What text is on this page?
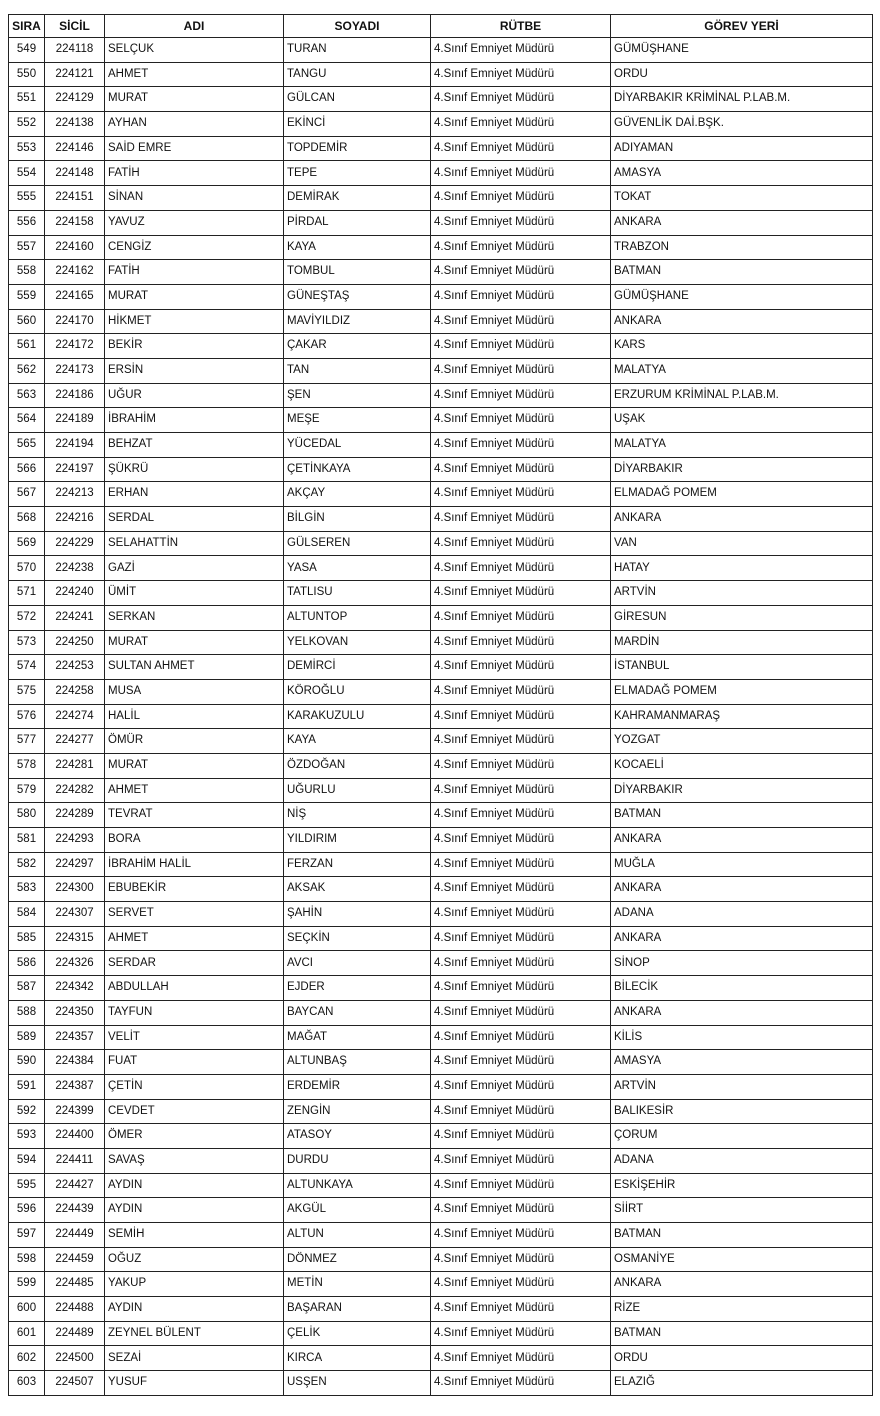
SIRA	SİCİL	ADI	SOYADI	RÜTBE	GÖREV YERİ
549	224118	SELÇUK	TURAN	4.Sınıf Emniyet Müdürü	GÜMÜŞHANE
550	224121	AHMET	TANGU	4.Sınıf Emniyet Müdürü	ORDU
551	224129	MURAT	GÜLCAN	4.Sınıf Emniyet Müdürü	DİYARBAKIR KRİMİNAL P.LAB.M.
552	224138	AYHAN	EKİNCİ	4.Sınıf Emniyet Müdürü	GÜVENLİK DAİ.BŞK.
553	224146	SAİD EMRE	TOPDEMİR	4.Sınıf Emniyet Müdürü	ADIYAMAN
554	224148	FATİH	TEPE	4.Sınıf Emniyet Müdürü	AMASYA
555	224151	SİNAN	DEMİRAK	4.Sınıf Emniyet Müdürü	TOKAT
556	224158	YAVUZ	PİRDAL	4.Sınıf Emniyet Müdürü	ANKARA
557	224160	CENGİZ	KAYA	4.Sınıf Emniyet Müdürü	TRABZON
558	224162	FATİH	TOMBUL	4.Sınıf Emniyet Müdürü	BATMAN
559	224165	MURAT	GÜNEŞTAŞ	4.Sınıf Emniyet Müdürü	GÜMÜŞHANE
560	224170	HİKMET	MAVİYILDIZ	4.Sınıf Emniyet Müdürü	ANKARA
561	224172	BEKİR	ÇAKAR	4.Sınıf Emniyet Müdürü	KARS
562	224173	ERSİN	TAN	4.Sınıf Emniyet Müdürü	MALATYA
563	224186	UĞUR	ŞEN	4.Sınıf Emniyet Müdürü	ERZURUM KRİMİNAL P.LAB.M.
564	224189	İBRAHİM	MEŞE	4.Sınıf Emniyet Müdürü	UŞAK
565	224194	BEHZAT	YÜCEDAL	4.Sınıf Emniyet Müdürü	MALATYA
566	224197	ŞÜKRÜ	ÇETİNKAYA	4.Sınıf Emniyet Müdürü	DİYARBAKIR
567	224213	ERHAN	AKÇAY	4.Sınıf Emniyet Müdürü	ELMADAĞ POMEM
568	224216	SERDAL	BİLGİN	4.Sınıf Emniyet Müdürü	ANKARA
569	224229	SELAHATTİN	GÜLSEREN	4.Sınıf Emniyet Müdürü	VAN
570	224238	GAZİ	YASA	4.Sınıf Emniyet Müdürü	HATAY
571	224240	ÜMİT	TATLISU	4.Sınıf Emniyet Müdürü	ARTVİN
572	224241	SERKAN	ALTUNTOP	4.Sınıf Emniyet Müdürü	GİRESUN
573	224250	MURAT	YELKOVAN	4.Sınıf Emniyet Müdürü	MARDİN
574	224253	SULTAN AHMET	DEMİRCİ	4.Sınıf Emniyet Müdürü	İSTANBUL
575	224258	MUSA	KÖROĞLU	4.Sınıf Emniyet Müdürü	ELMADAĞ POMEM
576	224274	HALİL	KARAKUZULU	4.Sınıf Emniyet Müdürü	KAHRAMANMARAŞ
577	224277	ÖMÜR	KAYA	4.Sınıf Emniyet Müdürü	YOZGAT
578	224281	MURAT	ÖZDOĞAN	4.Sınıf Emniyet Müdürü	KOCAELİ
579	224282	AHMET	UĞURLU	4.Sınıf Emniyet Müdürü	DİYARBAKIR
580	224289	TEVRAT	NİŞ	4.Sınıf Emniyet Müdürü	BATMAN
581	224293	BORA	YILDIRIM	4.Sınıf Emniyet Müdürü	ANKARA
582	224297	İBRAHİM HALİL	FERZAN	4.Sınıf Emniyet Müdürü	MUĞLA
583	224300	EBUBEKİR	AKSAK	4.Sınıf Emniyet Müdürü	ANKARA
584	224307	SERVET	ŞAHİN	4.Sınıf Emniyet Müdürü	ADANA
585	224315	AHMET	SEÇKİN	4.Sınıf Emniyet Müdürü	ANKARA
586	224326	SERDAR	AVCI	4.Sınıf Emniyet Müdürü	SİNOP
587	224342	ABDULLAH	EJDER	4.Sınıf Emniyet Müdürü	BİLECİK
588	224350	TAYFUN	BAYCAN	4.Sınıf Emniyet Müdürü	ANKARA
589	224357	VELİT	MAĞAT	4.Sınıf Emniyet Müdürü	KİLİS
590	224384	FUAT	ALTUNBAŞ	4.Sınıf Emniyet Müdürü	AMASYA
591	224387	ÇETİN	ERDEMİR	4.Sınıf Emniyet Müdürü	ARTVİN
592	224399	CEVDET	ZENGİN	4.Sınıf Emniyet Müdürü	BALIKESİR
593	224400	ÖMER	ATASOY	4.Sınıf Emniyet Müdürü	ÇORUM
594	224411	SAVAŞ	DURDU	4.Sınıf Emniyet Müdürü	ADANA
595	224427	AYDIN	ALTUNKAYA	4.Sınıf Emniyet Müdürü	ESKİŞEHİR
596	224439	AYDIN	AKGÜL	4.Sınıf Emniyet Müdürü	SİİRT
597	224449	SEMİH	ALTUN	4.Sınıf Emniyet Müdürü	BATMAN
598	224459	OĞUZ	DÖNMEZ	4.Sınıf Emniyet Müdürü	OSMANİYE
599	224485	YAKUP	METİN	4.Sınıf Emniyet Müdürü	ANKARA
600	224488	AYDIN	BAŞARAN	4.Sınıf Emniyet Müdürü	RİZE
601	224489	ZEYNEL BÜLENT	ÇELİK	4.Sınıf Emniyet Müdürü	BATMAN
602	224500	SEZAİ	KIRCA	4.Sınıf Emniyet Müdürü	ORDU
603	224507	YUSUF	USŞEN	4.Sınıf Emniyet Müdürü	ELAZIĞ
